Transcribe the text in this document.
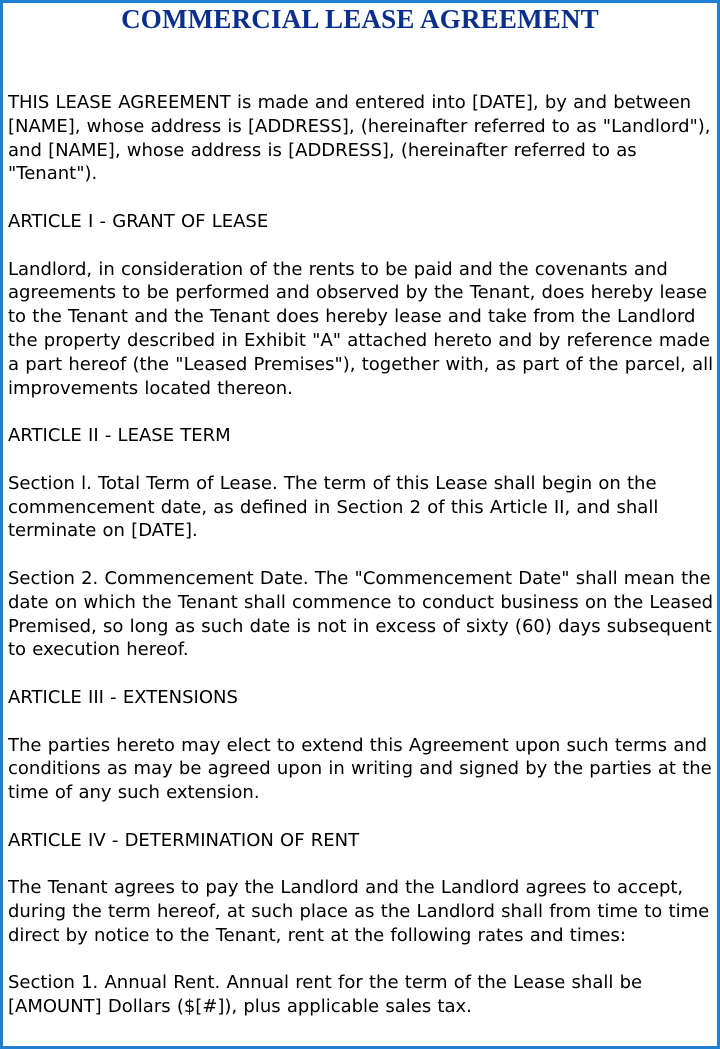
COMMERCIAL LEASE AGREEMENT

THIS LEASE AGREEMENT is made and entered into [DATE], by and between [NAME], whose address is [ADDRESS], (hereinafter referred to as "Landlord"), and [NAME], whose address is [ADDRESS], (hereinafter referred to as "Tenant").

ARTICLE I - GRANT OF LEASE

Landlord, in consideration of the rents to be paid and the covenants and agreements to be performed and observed by the Tenant, does hereby lease to the Tenant and the Tenant does hereby lease and take from the Landlord the property described in Exhibit "A" attached hereto and by reference made a part hereof (the "Leased Premises"), together with, as part of the parcel, all improvements located thereon.

ARTICLE II - LEASE TERM

Section l. Total Term of Lease. The term of this Lease shall begin on the commencement date, as defined in Section 2 of this Article II, and shall terminate on [DATE].

Section 2. Commencement Date. The "Commencement Date" shall mean the date on which the Tenant shall commence to conduct business on the Leased Premised, so long as such date is not in excess of sixty (60) days subsequent to execution hereof.

ARTICLE III - EXTENSIONS

The parties hereto may elect to extend this Agreement upon such terms and conditions as may be agreed upon in writing and signed by the parties at the time of any such extension.

ARTICLE IV - DETERMINATION OF RENT

The Tenant agrees to pay the Landlord and the Landlord agrees to accept, during the term hereof, at such place as the Landlord shall from time to time direct by notice to the Tenant, rent at the following rates and times:

Section 1. Annual Rent. Annual rent for the term of the Lease shall be [AMOUNT] Dollars ($[#]), plus applicable sales tax.
